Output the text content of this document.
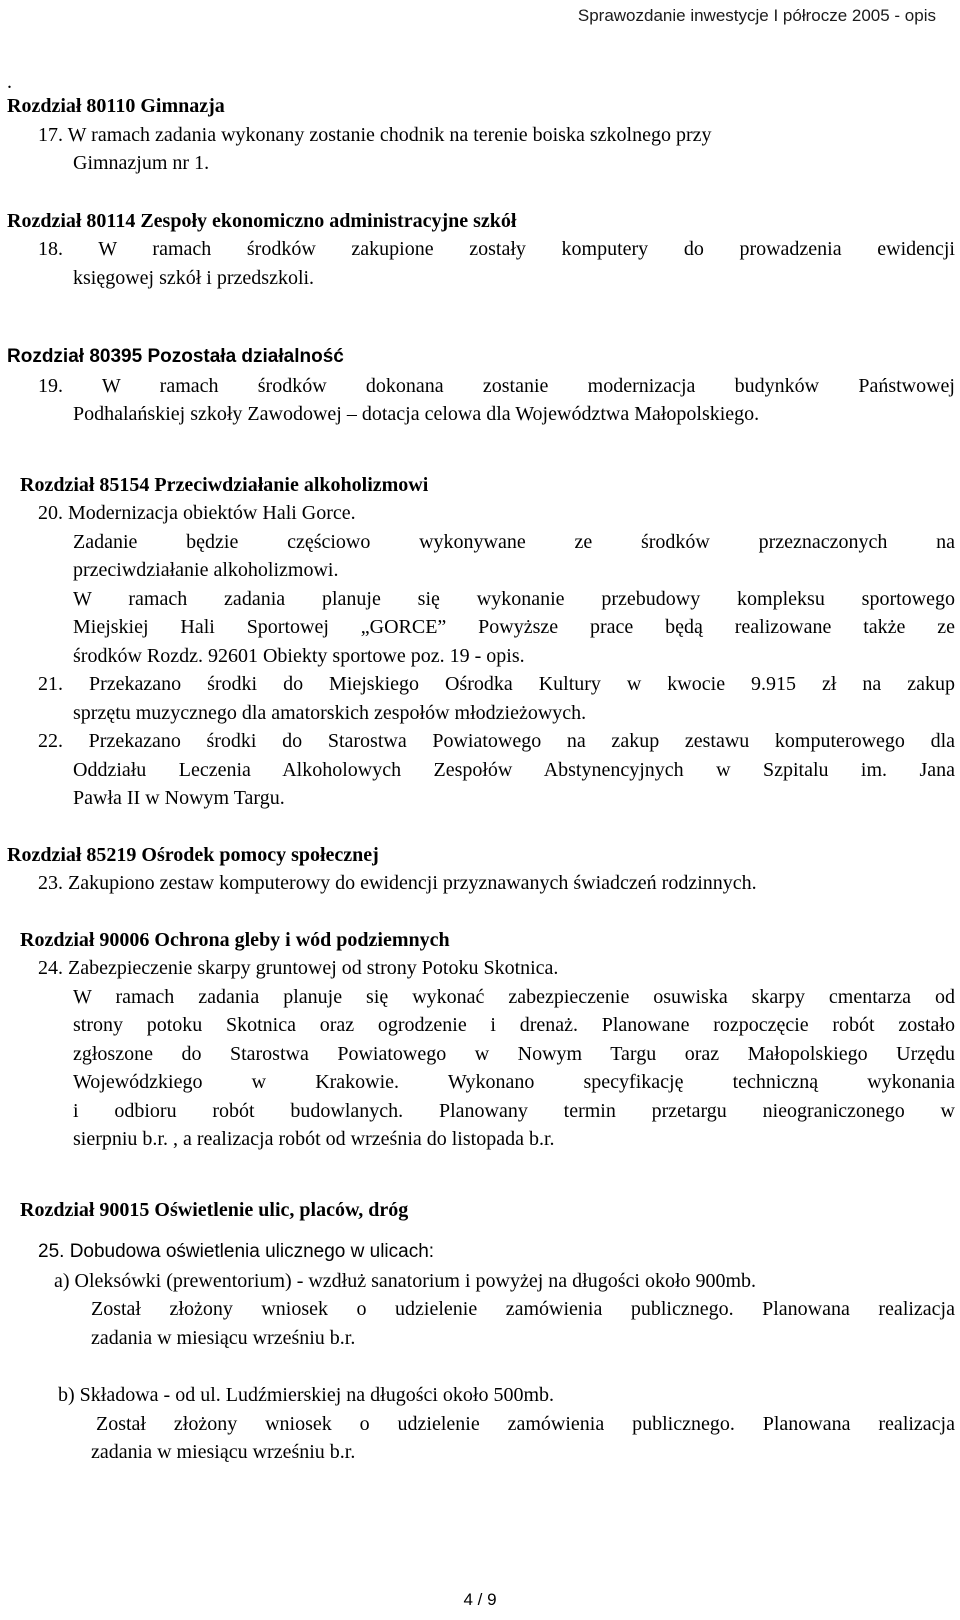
Sprawozdanie inwestycje I półrocze 2005 - opis

.

Rozdział 80110 Gimnazja

17. W ramach zadania wykonany zostanie chodnik na terenie boiska szkolnego przy

Gimnazjum nr 1.

Rozdział 80114 Zespoły ekonomiczno administracyjne szkół

18. W ramach środków zakupione zostały komputery do prowadzenia ewidencji

księgowej szkół i przedszkoli.

Rozdział 80395 Pozostała działalność

19. W ramach środków dokonana zostanie modernizacja budynków Państwowej

Podhalańskiej szkoły Zawodowej – dotacja celowa dla Województwa Małopolskiego.

Rozdział 85154 Przeciwdziałanie alkoholizmowi

20. Modernizacja obiektów Hali Gorce.

Zadanie będzie częściowo wykonywane ze środków przeznaczonych na

przeciwdziałanie alkoholizmowi.

W ramach zadania planuje się wykonanie przebudowy kompleksu sportowego

Miejskiej Hali Sportowej „GORCE” Powyższe prace będą realizowane także ze

środków Rozdz. 92601 Obiekty sportowe poz. 19 - opis.

21. Przekazano środki do Miejskiego Ośrodka Kultury w kwocie 9.915 zł na zakup

sprzętu muzycznego dla amatorskich zespołów młodzieżowych.

22. Przekazano środki do Starostwa Powiatowego na zakup zestawu komputerowego dla

Oddziału Leczenia Alkoholowych Zespołów Abstynencyjnych w Szpitalu im. Jana

Pawła II w Nowym Targu.

Rozdział 85219 Ośrodek pomocy społecznej

23. Zakupiono zestaw komputerowy do ewidencji przyznawanych świadczeń rodzinnych.

Rozdział 90006 Ochrona gleby i wód podziemnych

24. Zabezpieczenie skarpy gruntowej od strony Potoku Skotnica.

W ramach zadania planuje się wykonać zabezpieczenie osuwiska skarpy cmentarza od

strony potoku Skotnica oraz ogrodzenie i drenaż. Planowane rozpoczęcie robót zostało

zgłoszone do Starostwa Powiatowego w Nowym Targu oraz Małopolskiego Urzędu

Wojewódzkiego w Krakowie. Wykonano specyfikację techniczną wykonania

i odbioru robót budowlanych. Planowany termin przetargu nieograniczonego w

sierpniu b.r. , a realizacja robót od września do listopada b.r.

Rozdział 90015 Oświetlenie ulic, placów, dróg

25. Dobudowa oświetlenia ulicznego w ulicach:

a) Oleksówki (prewentorium) - wzdłuż sanatorium i powyżej na długości około 900mb.

Został złożony wniosek o udzielenie zamówienia publicznego. Planowana realizacja

zadania w miesiącu wrześniu b.r.

b) Składowa - od ul. Ludźmierskiej na długości około 500mb.

Został złożony wniosek o udzielenie zamówienia publicznego. Planowana realizacja

zadania w miesiącu wrześniu b.r.

4 / 9
